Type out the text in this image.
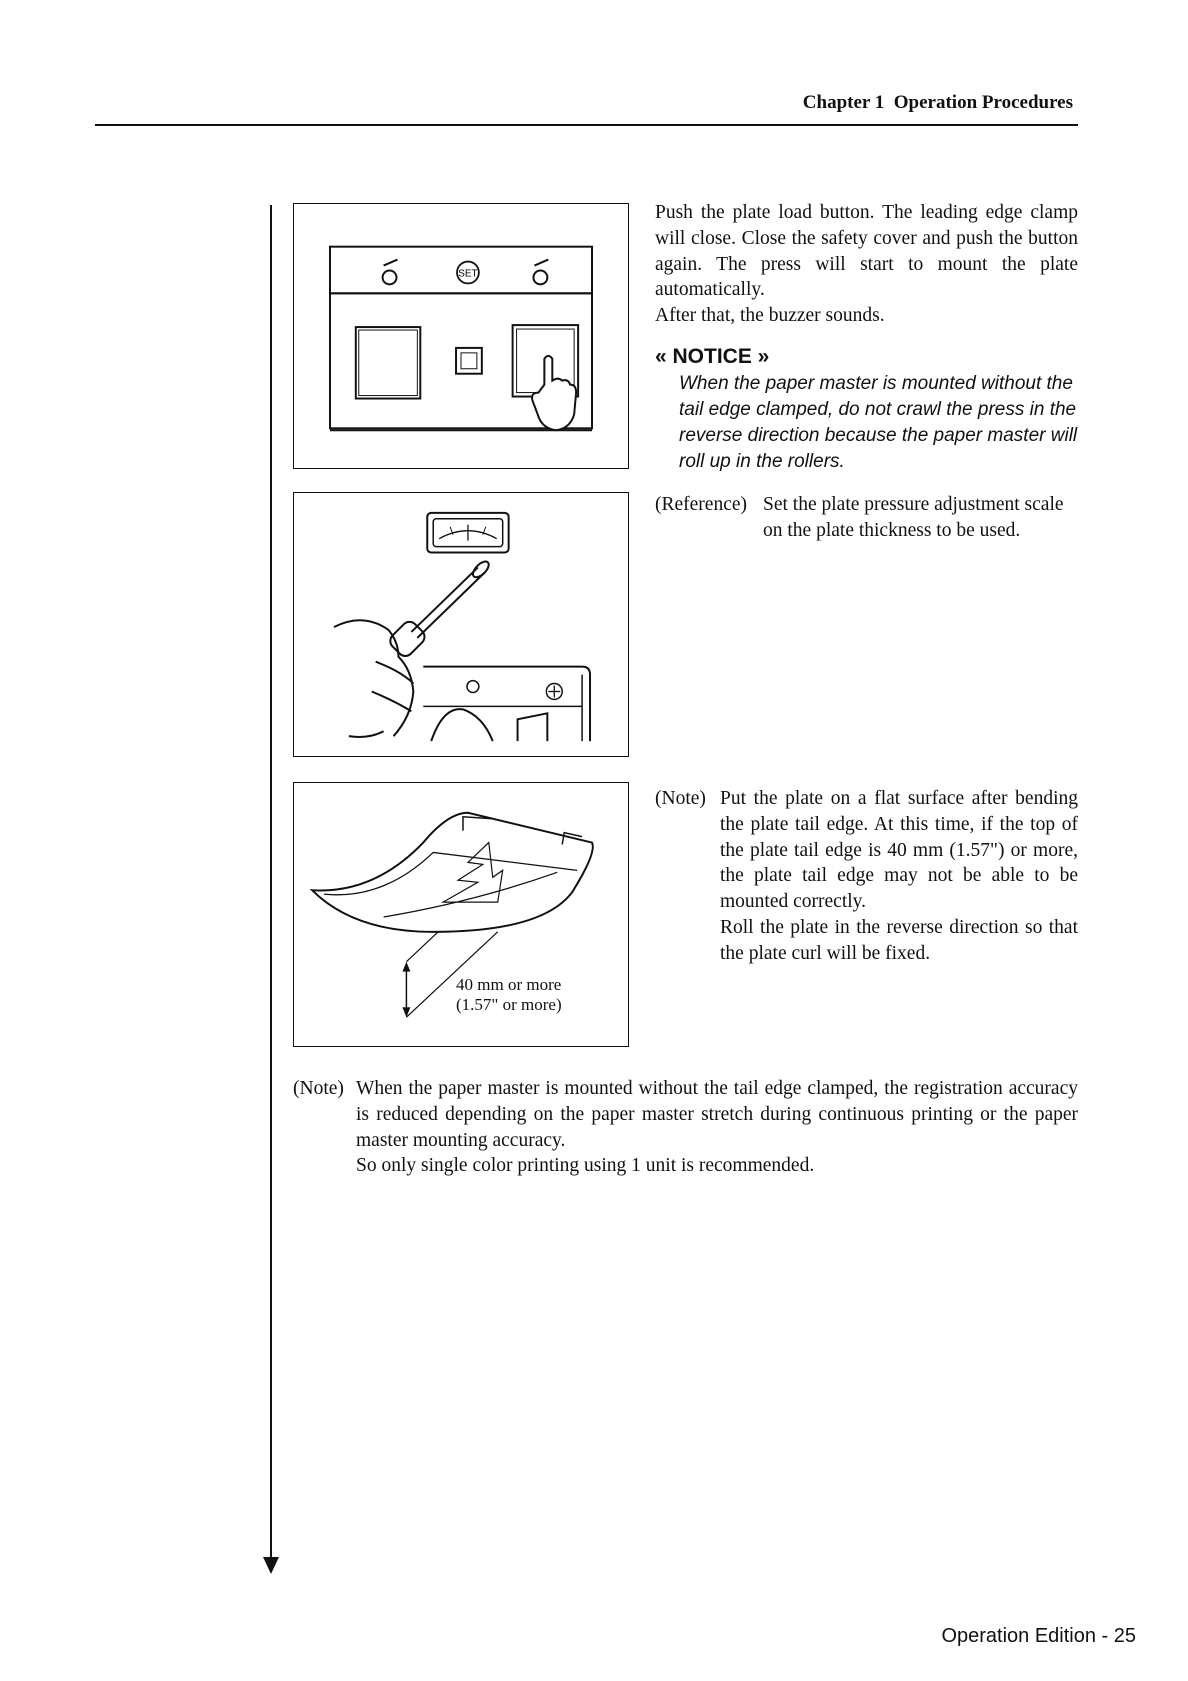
Chapter 1 Operation Procedures
SET
40 mm or more
(1.57" or more)

Push the plate load button. The leading edge clamp will close. Close the safety cover and push the button again. The press will start to mount the plate automatically.

After that, the buzzer sounds.

« NOTICE »
When the paper master is mounted without the tail edge clamped, do not crawl the press in the reverse direction because the paper master will roll up in the rollers.
(Reference) Set the plate pressure adjustment scale on the plate thickness to be used.
(Note) Put the plate on a flat surface after bending the plate tail edge. At this time, if the top of the plate tail edge is 40 mm (1.57") or more, the plate tail edge may not be able to be mounted correctly.

Roll the plate in the reverse direction so that the plate curl will be fixed.

(Note) When the paper master is mounted without the tail edge clamped, the registration accuracy is reduced depending on the paper master stretch during continuous printing or the paper master mounting accuracy.

So only single color printing using 1 unit is recommended.

Operation Edition - 25
